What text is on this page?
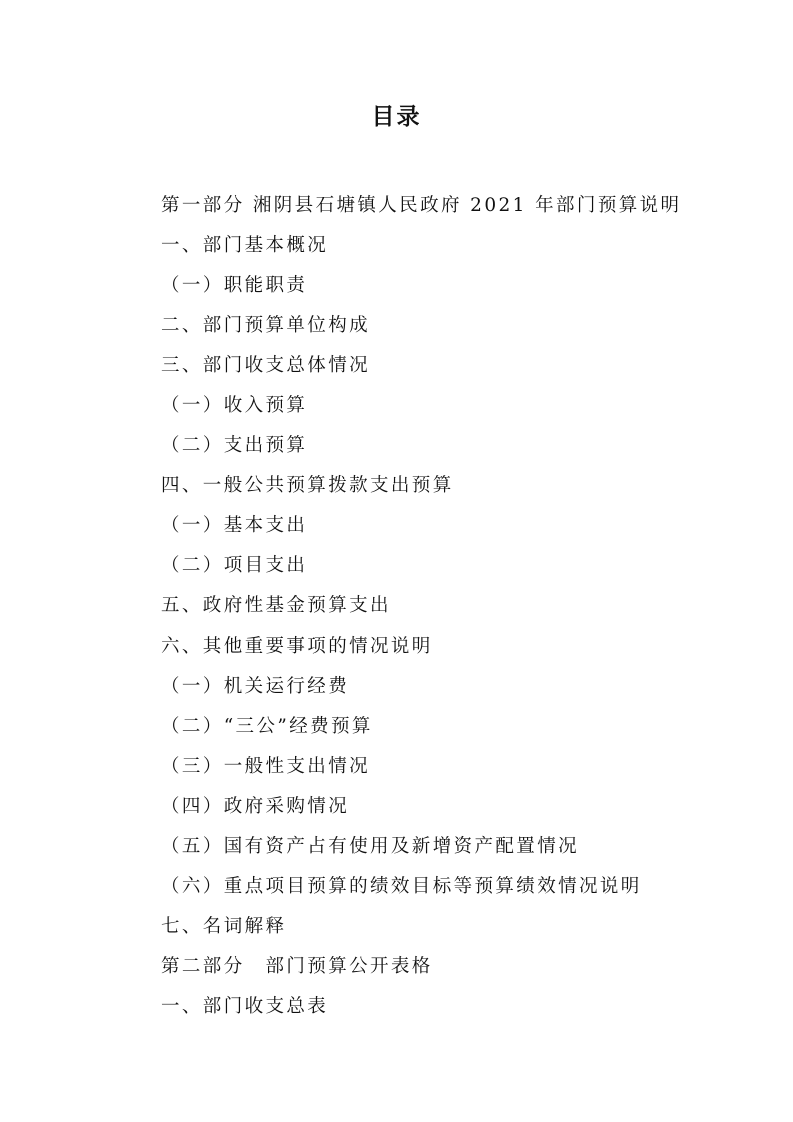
目录
第一部分 湘阴县石塘镇人民政府 2021 年部门预算说明
一、部门基本概况
（一）职能职责
二、部门预算单位构成
三、部门收支总体情况
（一）收入预算
（二）支出预算
四、一般公共预算拨款支出预算
（一）基本支出
（二）项目支出
五、政府性基金预算支出
六、其他重要事项的情况说明
（一）机关运行经费
（二）“三公”经费预算
（三）一般性支出情况
（四）政府采购情况
（五）国有资产占有使用及新增资产配置情况
（六）重点项目预算的绩效目标等预算绩效情况说明
七、名词解释
第二部分　部门预算公开表格
一、部门收支总表
